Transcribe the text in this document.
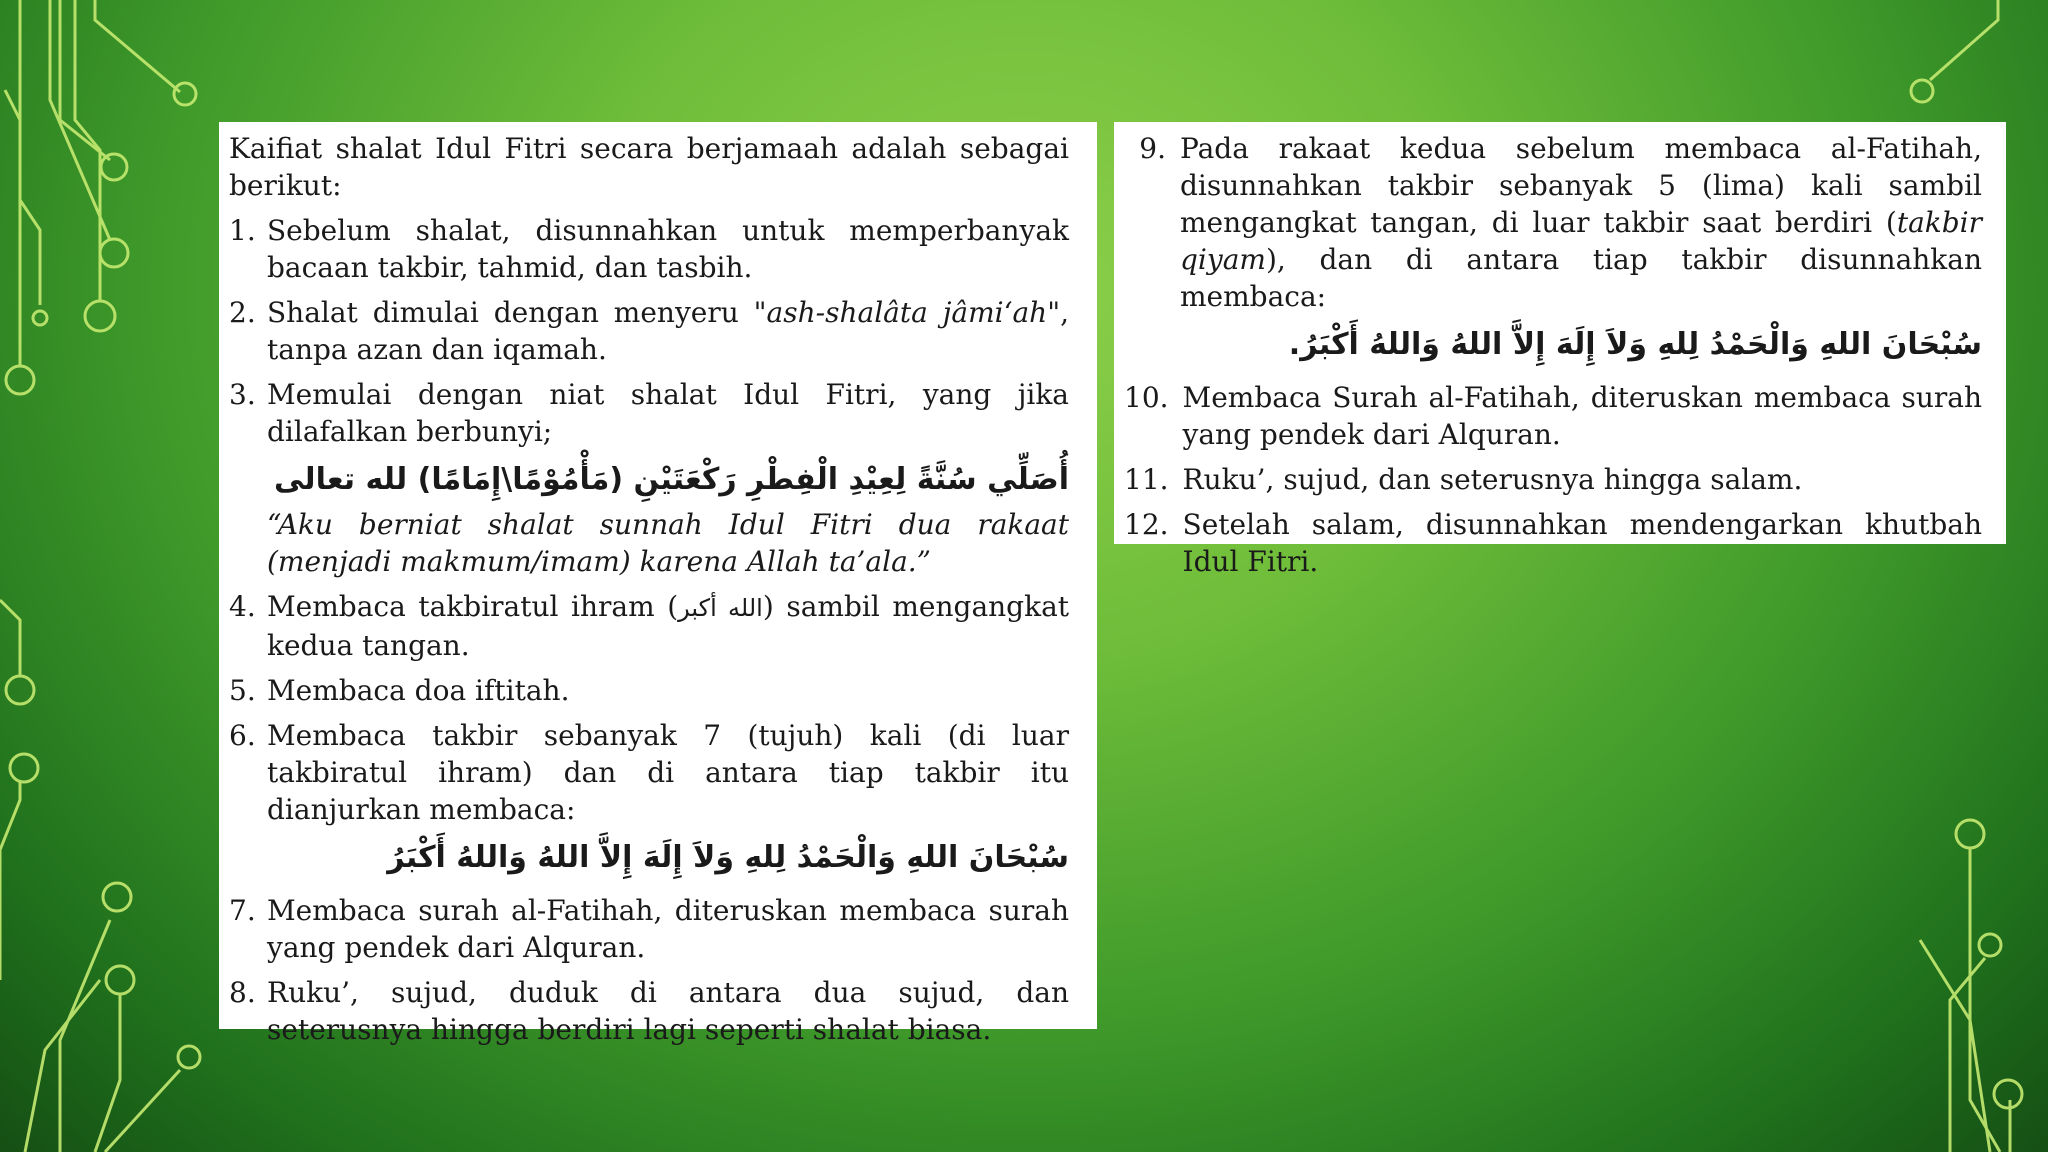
Kaifiat shalat Idul Fitri secara berjamaah adalah sebagai berikut:

1. Sebelum shalat, disunnahkan untuk memperbanyak bacaan takbir, tahmid, dan tasbih.
2. Shalat dimulai dengan menyeru "ash-shalâta jâmi‘ah", tanpa azan dan iqamah.
3. Memulai dengan niat shalat Idul Fitri, yang jika dilafalkan berbunyi;
أُصَلِّي سُنَّةً لِعِيْدِ الْفِطْرِ رَكْعَتَيْنِ (مَأْمُوْمًا\إِمَامًا) لله تعالى
“Aku berniat shalat sunnah Idul Fitri dua rakaat (menjadi makmum/imam) karena Allah ta’ala.”
4. Membaca takbiratul ihram (الله أكبر) sambil mengangkat kedua tangan.
5. Membaca doa iftitah.
6. Membaca takbir sebanyak 7 (tujuh) kali (di luar takbiratul ihram) dan di antara tiap takbir itu dianjurkan membaca:
سُبْحَانَ اللهِ وَالْحَمْدُ لِلهِ وَلاَ إِلَهَ إِلاَّ اللهُ وَاللهُ أَكْبَرُ
7. Membaca surah al-Fatihah, diteruskan membaca surah yang pendek dari Alquran.
8. Ruku’, sujud, duduk di antara dua sujud, dan seterusnya hingga berdiri lagi seperti shalat biasa.
9. Pada rakaat kedua sebelum membaca al-Fatihah, disunnahkan takbir sebanyak 5 (lima) kali sambil mengangkat tangan, di luar takbir saat berdiri (takbir qiyam), dan di antara tiap takbir disunnahkan membaca:
سُبْحَانَ اللهِ وَالْحَمْدُ لِلهِ وَلاَ إِلَهَ إِلاَّ اللهُ وَاللهُ أَكْبَرُ.
10. Membaca Surah al-Fatihah, diteruskan membaca surah yang pendek dari Alquran.
11. Ruku’, sujud, dan seterusnya hingga salam.
12. Setelah salam, disunnahkan mendengarkan khutbah Idul Fitri.
